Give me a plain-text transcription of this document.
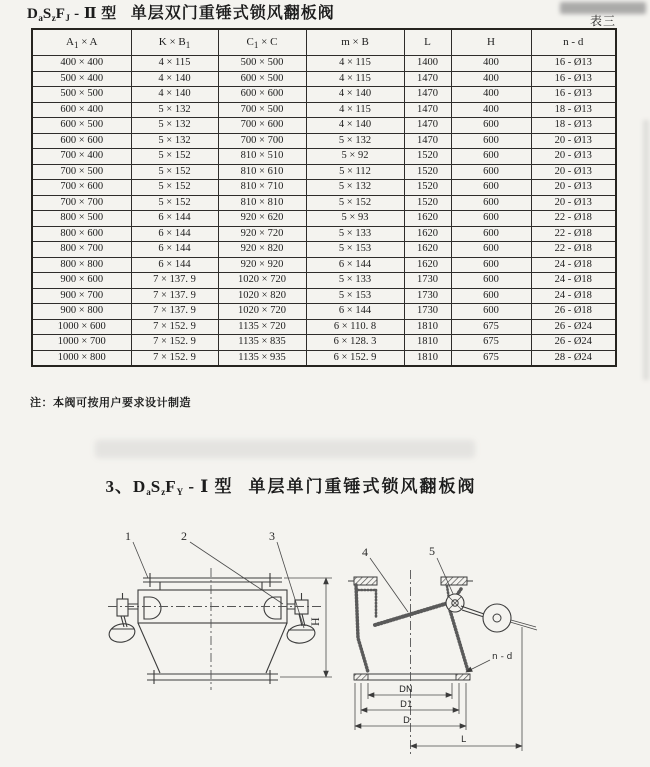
$D_aS_zF_J$ - Ⅱ 型 单层双门重锤式锁风翻板阀	表三
$A_1 \times A$	$K \times B_1$	$C_1 \times C$	m × B	L	H	n - d
400 × 400	4 × 115	500 × 500	4 × 115	1400	400	16 - Ø13
500 × 400	4 × 140	600 × 500	4 × 115	1470	400	16 - Ø13
500 × 500	4 × 140	600 × 600	4 × 140	1470	400	16 - Ø13
600 × 400	5 × 132	700 × 500	4 × 115	1470	400	18 - Ø13
600 × 500	5 × 132	700 × 600	4 × 140	1470	600	18 - Ø13
600 × 600	5 × 132	700 × 700	5 × 132	1470	600	20 - Ø13
700 × 400	5 × 152	810 × 510	5 × 92	1520	600	20 - Ø13
700 × 500	5 × 152	810 × 610	5 × 112	1520	600	20 - Ø13
700 × 600	5 × 152	810 × 710	5 × 132	1520	600	20 - Ø13
700 × 700	5 × 152	810 × 810	5 × 152	1520	600	20 - Ø13
800 × 500	6 × 144	920 × 620	5 × 93	1620	600	22 - Ø18
800 × 600	6 × 144	920 × 720	5 × 133	1620	600	22 - Ø18
800 × 700	6 × 144	920 × 820	5 × 153	1620	600	22 - Ø18
800 × 800	6 × 144	920 × 920	6 × 144	1620	600	24 - Ø18
900 × 600	7 × 137. 9	1020 × 720	5 × 133	1730	600	24 - Ø18
900 × 700	7 × 137. 9	1020 × 820	5 × 153	1730	600	24 - Ø18
900 × 800	7 × 137. 9	1020 × 720	6 × 144	1730	600	26 - Ø18
1000 × 600	7 × 152. 9	1135 × 720	6 × 110. 8	1810	675	26 - Ø24
1000 × 700	7 × 152. 9	1135 × 835	6 × 128. 3	1810	675	26 - Ø24
1000 × 800	7 × 152. 9	1135 × 935	6 × 152. 9	1810	675	28 - Ø24
注：本阀可按用户要求设计制造
3、$D_aS_zF_Y$ - Ⅰ 型 单层单门重锤式锁风翻板阀
1	2	3
H
4	5
n - d
DN
D1
D
L
